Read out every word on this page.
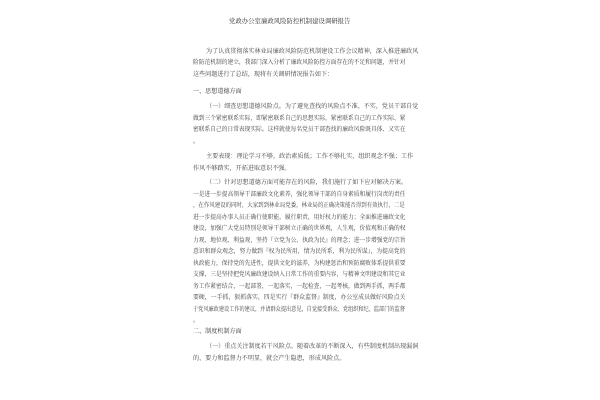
党政办公室廉政风险防控机制建设调研报告
为了认真贯彻落实林业局廉政风险防范机制建设工作会议精神，深入推进廉政风
险防范机制的建立，我部门深入分析了廉政风险防控方面存在的不足和问题，并针对
这些问题进行了总结，现将有关调研情况报告如下：
一、思想道德方面
（一）细查思想道德风险点。为了避免查找的风险点不准、不实，党员干部自觉
做到三个紧密联系实际，即紧密联系自己的思想实际，紧密联系自己的工作实际、紧
密联系自己的日常表现实际。这样就使每名党员干部查找的廉政风险既具体、又实在
。
主要表现：理论学习不够，政治素质低；工作不够扎实，组织观念不强；工作
作风不够踏实，开拓进取意识不强。
（二）针对思想道德方面可能存在的风险，我们施行了如下应对解决方案。
一是进一步提高领导干部廉政文化素养，强化领导干部的自身素质和履行岗责的责任
，在作风建设的同时，大家到到林业局党委，林业局的正确决策能否得到有效执行，二是
进一步提高办事人员正确行使职能，履行职责，用好权力的能力；全面推进廉政文化
建设，加强广大党员特别是领导干部树立正确的世界观，人生观，价值观和正确的权
力观、地位观、利益观，坚持『立党为公、执政为民』的理念；进一步增强党的宗旨
意识和群众观念，努力做到『权为民所用，情为民所系，利为民所谋』，为提高党的
执政能力，保持党的先进性，提供文化的滋养，为构建惩治和预防腐败体系提供重要
支撑，三是坚持把党风廉政建设纳入日常工作的重要内容，与精神文明建设和其它业
务工作紧密结合，一起部署，一起落实，一起检查，一起考核，做到两手抓，两手都
要硬，一手抓，狠抓落实，四是实行『群众监督』制度，办公室成员做好风险点关
于党风廉政建设工作的建议，并请群众提出意见，自觉接受群众、党组织和纪、监部门的监督
。
二、制度机制方面
（一）重点关注制度若干风险点。随着改革的不断深入，有些制度机制出现漏洞
的，要力和监督力不明显，就会产生隐患，形成风险点。
